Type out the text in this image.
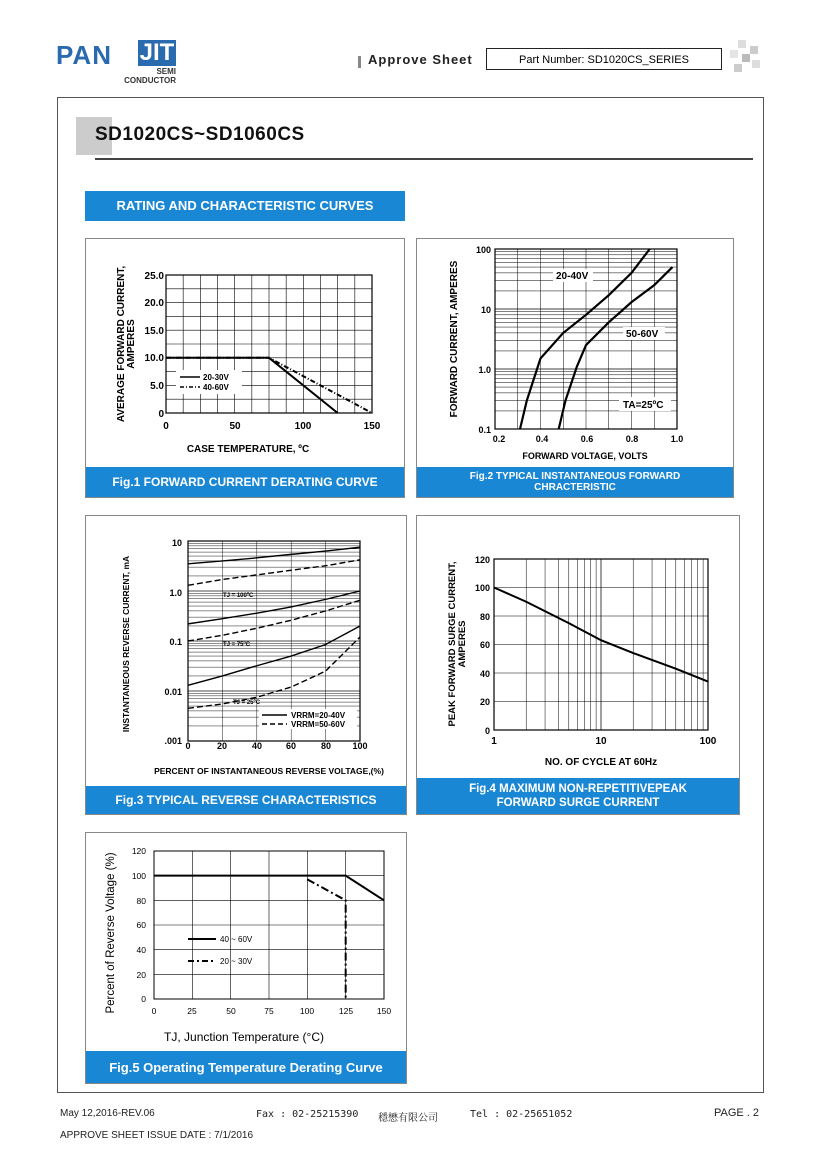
PAN JIT
SEMI
CONDUCTOR
Approve Sheet	Part Number: SD1020CS_SERIES
SD1020CS~SD1060CS
RATING AND CHARACTERISTIC CURVES
25.0
20.0
15.0
10.0
5.0
0
0	50	100	150
CASE TEMPERATURE, ºC
AVERAGE FORWARD CURRENT, AMPERES
20-30V
40-60V
Fig.1 FORWARD CURRENT DERATING CURVE
100
10
1.0
0.1
0.2	0.4	0.6	0.8	1.0
FORWARD VOLTAGE, VOLTS
FORWARD CURRENT, AMPERES	20-40V
50-60V
TA=25ºC
Fig.2 TYPICAL INSTANTANEOUS FORWARD
CHRACTERISTIC
10
1.0
0.1
0.01
.001 0	20	40	60	80 100
PERCENT OF INSTANTANEOUS REVERSE VOLTAGE,(%)
INSTANTANEOUS REVERSE CURRENT, mA	TJ = 100ºC
TJ = 75ºC
TJ = 25ºC
VRRM=20-40V
VRRM=50-60V
Fig.3 TYPICAL REVERSE CHARACTERISTICS
120
100
80
60
40
20
0
1	10	100
NO. OF CYCLE AT 60Hz
PEAK FORWARD SURGE CURRENT, AMPERES
Fig.4 MAXIMUM NON-REPETITIVEPEAK
FORWARD SURGE CURRENT
120
100
80
60
40
20
0
0	25	50	75	100	125	150
TJ, Junction Temperature (°C)
Percent of Reverse Voltage (%)	40 ~ 60V
20 ~ 30V
Fig.5 Operating Temperature Derating Curve
May 12,2016-REV.06	Fax : 02-25215390 穩懋有限公司	Tel : 02-25651052	PAGE . 2
APPROVE SHEET ISSUE DATE : 7/1/2016
